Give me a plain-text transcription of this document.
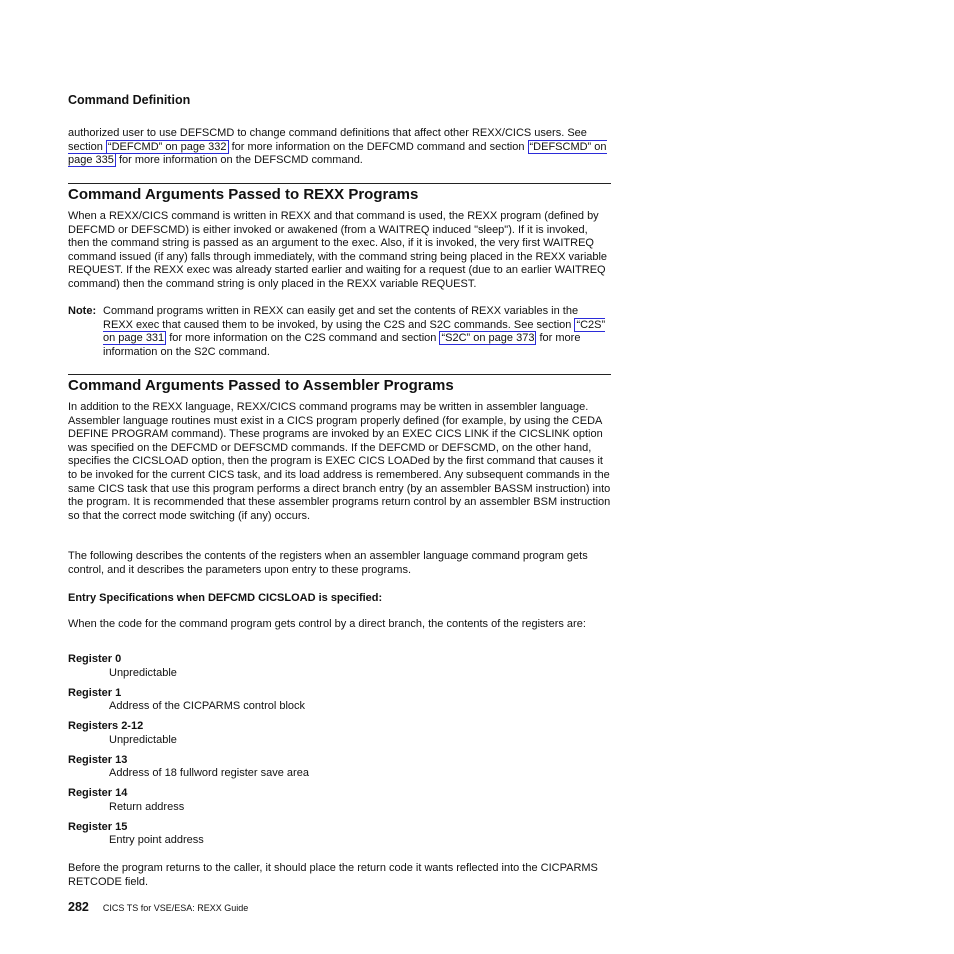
Command Definition

authorized user to use DEFSCMD to change command definitions that affect other REXX/CICS users. See section “DEFCMD” on page 332 for more information on the DEFCMD command and section “DEFSCMD” on page 335 for more information on the DEFSCMD command.

Command Arguments Passed to REXX Programs

When a REXX/CICS command is written in REXX and that command is used, the REXX program (defined by DEFCMD or DEFSCMD) is either invoked or awakened (from a WAITREQ induced "sleep"). If it is invoked, then the command string is passed as an argument to the exec. Also, if it is invoked, the very first WAITREQ command issued (if any) falls through immediately, with the command string being placed in the REXX variable REQUEST. If the REXX exec was already started earlier and waiting for a request (due to an earlier WAITREQ command) then the command string is only placed in the REXX variable REQUEST.

Note: Command programs written in REXX can easily get and set the contents of REXX variables in the REXX exec that caused them to be invoked, by using the C2S and S2C commands. See section “C2S” on page 331 for more information on the C2S command and section “S2C” on page 373 for more information on the S2C command.
Command Arguments Passed to Assembler Programs

In addition to the REXX language, REXX/CICS command programs may be written in assembler language. Assembler language routines must exist in a CICS program properly defined (for example, by using the CEDA DEFINE PROGRAM command). These programs are invoked by an EXEC CICS LINK if the CICSLINK option was specified on the DEFCMD or DEFSCMD commands. If the DEFCMD or DEFSCMD, on the other hand, specifies the CICSLOAD option, then the program is EXEC CICS LOADed by the first command that causes it to be invoked for the current CICS task, and its load address is remembered. Any subsequent commands in the same CICS task that use this program performs a direct branch entry (by an assembler BASSM instruction) into the program. It is recommended that these assembler programs return control by an assembler BSM instruction so that the correct mode switching (if any) occurs.

The following describes the contents of the registers when an assembler language command program gets control, and it describes the parameters upon entry to these programs.

Entry Specifications when DEFCMD CICSLOAD is specified:

When the code for the command program gets control by a direct branch, the contents of the registers are:

Register 0
Unpredictable
Register 1
Address of the CICPARMS control block
Registers 2-12
Unpredictable
Register 13
Address of 18 fullword register save area
Register 14
Return address
Register 15
Entry point address

Before the program returns to the caller, it should place the return code it wants reflected into the CICPARMS RETCODE field.

282 CICS TS for VSE/ESA: REXX Guide
